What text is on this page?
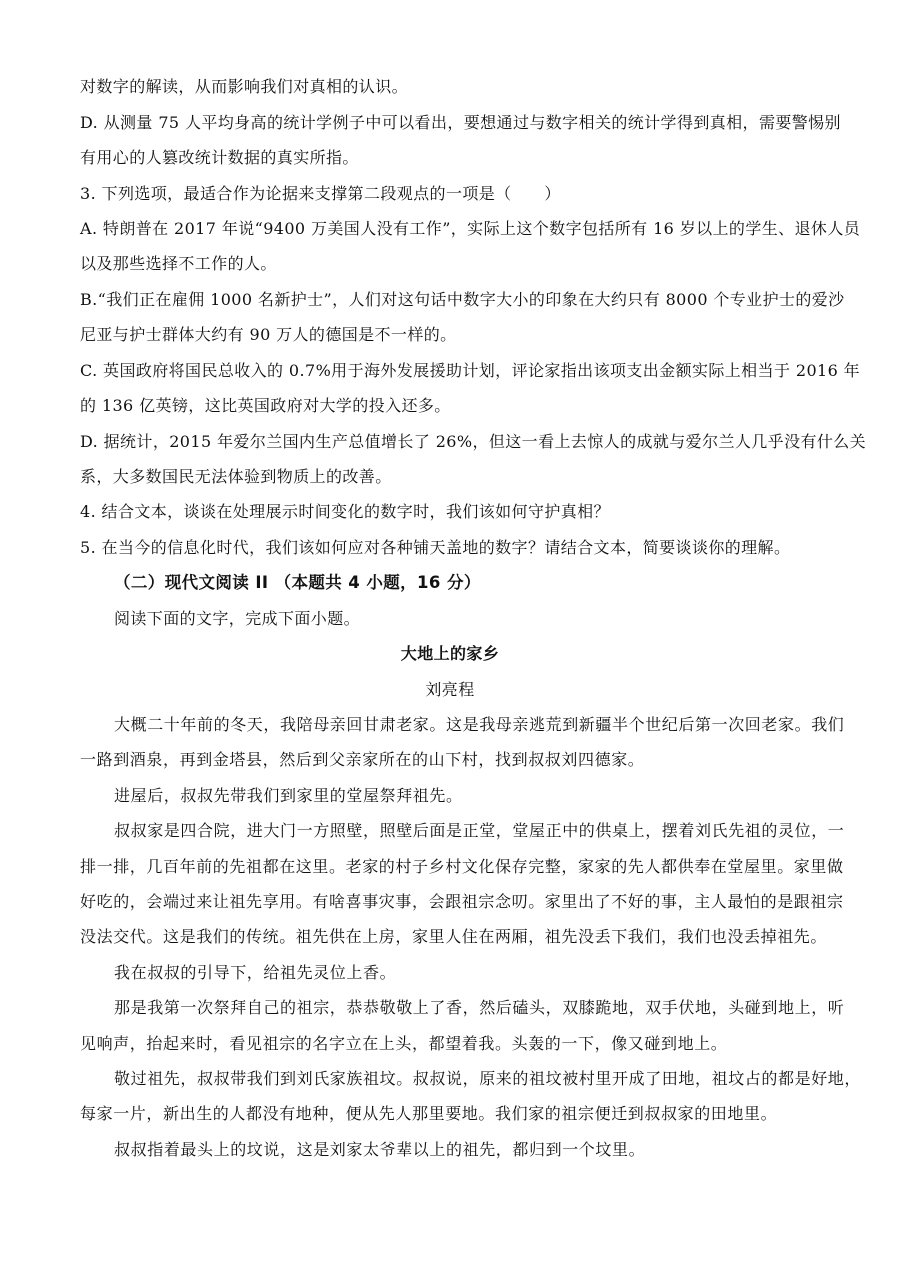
对数字的解读，从而影响我们对真相的认识。
D. 从测量 75 人平均身高的统计学例子中可以看出，要想通过与数字相关的统计学得到真相，需要警惕别
有用心的人篡改统计数据的真实所指。
3. 下列选项，最适合作为论据来支撑第二段观点的一项是（　　）
A. 特朗普在 2017 年说“9400 万美国人没有工作”，实际上这个数字包括所有 16 岁以上的学生、退休人员
以及那些选择不工作的人。
B.“我们正在雇佣 1000 名新护士”，人们对这句话中数字大小的印象在大约只有 8000 个专业护士的爱沙
尼亚与护士群体大约有 90 万人的德国是不一样的。
C. 英国政府将国民总收入的 0.7%用于海外发展援助计划，评论家指出该项支出金额实际上相当于 2016 年
的 136 亿英镑，这比英国政府对大学的投入还多。
D. 据统计，2015 年爱尔兰国内生产总值增长了 26%，但这一看上去惊人的成就与爱尔兰人几乎没有什么关
系，大多数国民无法体验到物质上的改善。
4. 结合文本，谈谈在处理展示时间变化的数字时，我们该如何守护真相？
5. 在当今的信息化时代，我们该如何应对各种铺天盖地的数字？请结合文本，简要谈谈你的理解。
（二）现代文阅读 II （本题共 4 小题，16 分）
阅读下面的文字，完成下面小题。
大地上的家乡
刘亮程
大概二十年前的冬天，我陪母亲回甘肃老家。这是我母亲逃荒到新疆半个世纪后第一次回老家。我们
一路到酒泉，再到金塔县，然后到父亲家所在的山下村，找到叔叔刘四德家。
进屋后，叔叔先带我们到家里的堂屋祭拜祖先。
叔叔家是四合院，进大门一方照壁，照壁后面是正堂，堂屋正中的供桌上，摆着刘氏先祖的灵位，一
排一排，几百年前的先祖都在这里。老家的村子乡村文化保存完整，家家的先人都供奉在堂屋里。家里做
好吃的，会端过来让祖先享用。有啥喜事灾事，会跟祖宗念叨。家里出了不好的事，主人最怕的是跟祖宗
没法交代。这是我们的传统。祖先供在上房，家里人住在两厢，祖先没丢下我们，我们也没丢掉祖先。
我在叔叔的引导下，给祖先灵位上香。
那是我第一次祭拜自己的祖宗，恭恭敬敬上了香，然后磕头，双膝跪地，双手伏地，头碰到地上，听
见响声，抬起来时，看见祖宗的名字立在上头，都望着我。头轰的一下，像又碰到地上。
敬过祖先，叔叔带我们到刘氏家族祖坟。叔叔说，原来的祖坟被村里开成了田地，祖坟占的都是好地，
每家一片，新出生的人都没有地种，便从先人那里要地。我们家的祖宗便迁到叔叔家的田地里。
叔叔指着最头上的坟说，这是刘家太爷辈以上的祖先，都归到一个坟里。
